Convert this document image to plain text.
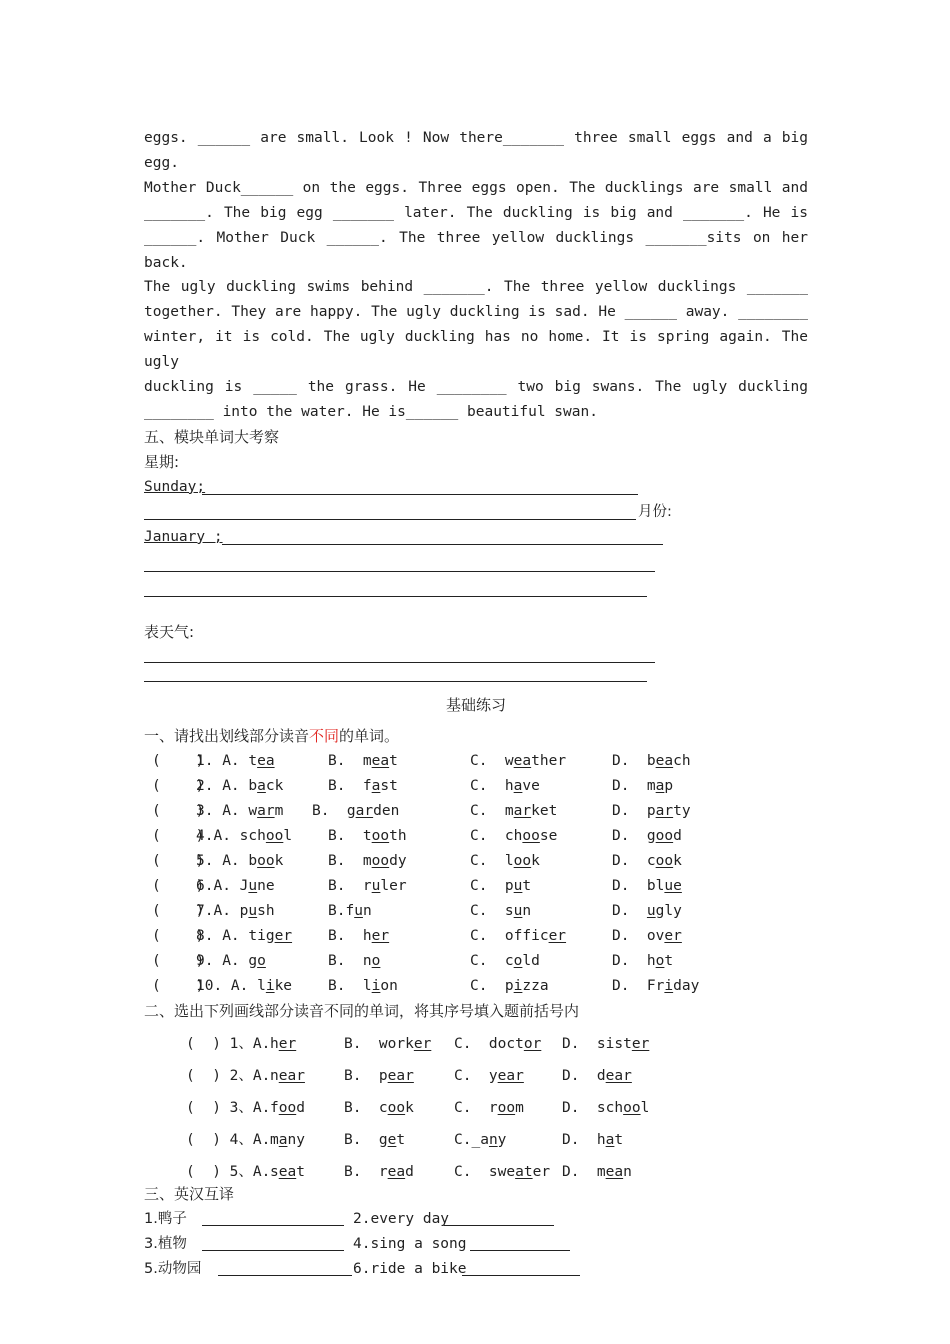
eggs. ______ are small. Look ! Now there_______ three small eggs and a big egg.

Mother Duck______ on the eggs. Three eggs open. The ducklings are small and

_______. The big egg _______ later. The duckling is big and _______. He is

______. Mother Duck ______. The three yellow ducklings _______sits on her back.

The ugly duckling swims behind _______. The three yellow ducklings _______

together. They are happy. The ugly duckling is sad. He ______ away. ________

winter, it is cold. The ugly duckling has no home. It is spring again. The ugly

duckling is _____ the grass. He ________ two big swans. The ugly duckling

________ into the water. He is______ beautiful swan.

五、模块单词大考察
星期:
Sunday;
月份:
January ;
表天气:
基础练习
一、请找出划线部分读音不同的单词。
(    )
1. A. tea	B.  meat	C.  weather	D.  beach
(    )
2. A. back	B.  fast	C.  have	D.  map
(    )
3. A. warm B.  garden	C.  market	D.  party
(    )
4.A. school B.  tooth	C.  choose	D.  good
(    )
5. A. book	B.  moody	C.  look	D.  cook
(    )
6.A. June	B.  ruler	C.  put	D.  blue
(    )
7.A. push	B.fun	C.  sun	D.  ugly
(    )
8. A. tiger B.  her	C.  officer	D.  over
(    )
9. A. go	B.  no	C.  cold	D.  hot
(    )
10. A. like B.  lion	C.  pizza	D.  Friday
二、选出下列画线部分读音不同的单词，将其序号填入题前括号内
(  ) 1、A. her	B.  worker C.  doctor D.  sister
(  ) 2、A. near	B.  pear	C.  year	D.  dear
(  ) 3、A. food	B.  cook	C.  room	D.  school
(  ) 4、A. many	B.  get	C._any	D.  hat
(  ) 5、A. seat	B.  read	C.  sweater D.  mean
三、英汉互译
1.鸭子	2.every day
3.植物	4.sing a song
5.动物园	6.ride a bike
